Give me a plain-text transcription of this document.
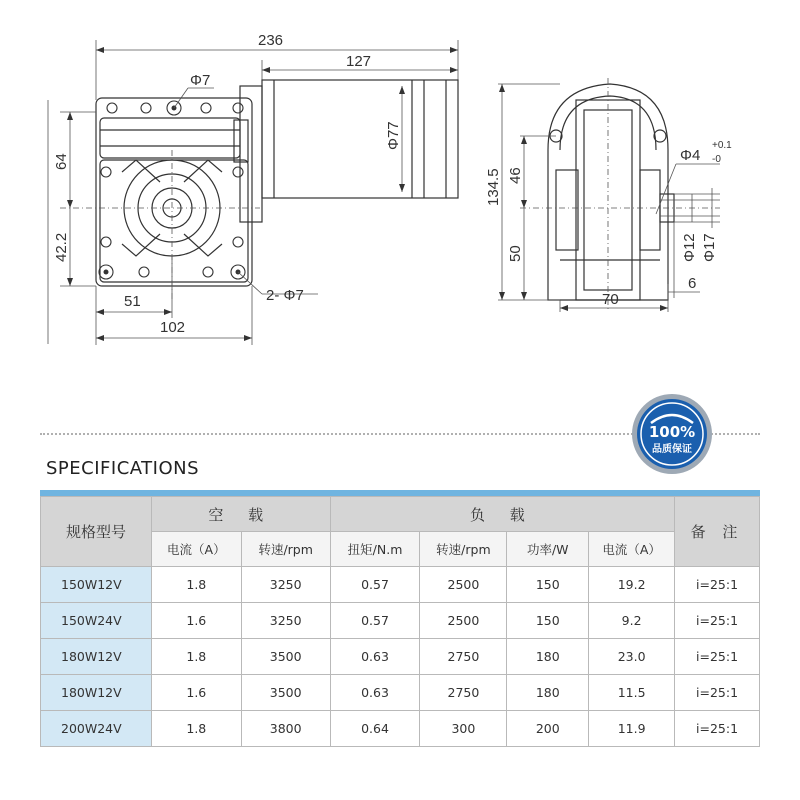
236
127
Φ77
Φ7
2- Φ7
64
42.2
51
102
134.5 46
50
Φ4
+0.1
-0
Φ12 Φ17
70
6
100%
品质保证
SPECIFICATIONS
规格型号	空 载		负 载				备 注
	电流（A）	转速/rpm	扭矩/N.m	转速/rpm	功率/W	电流（A）	
150W12V	1.8	3250	0.57	2500	150	19.2	i=25:1
150W24V	1.6	3250	0.57	2500	150	9.2	i=25:1
180W12V	1.8	3500	0.63	2750	180	23.0	i=25:1
180W12V	1.6	3500	0.63	2750	180	11.5	i=25:1
200W24V	1.8	3800	0.64	300	200	11.9	i=25:1
